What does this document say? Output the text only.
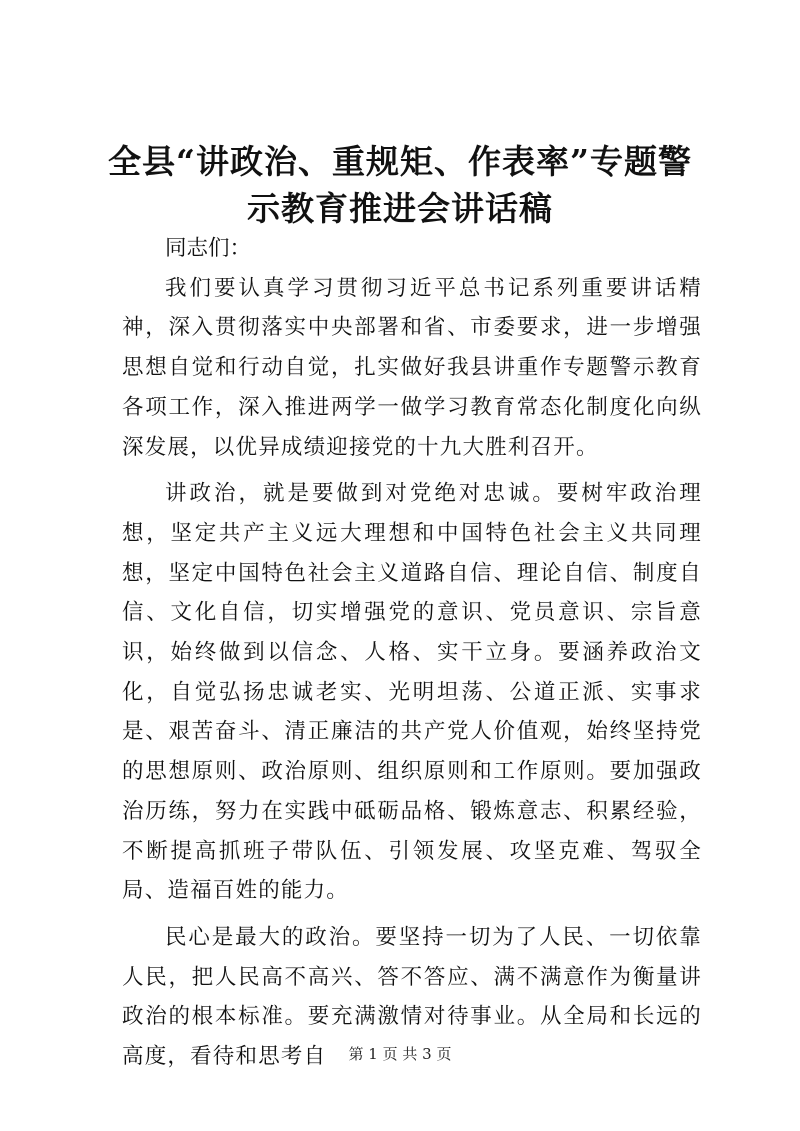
全县“讲政治、重规矩、作表率”专题警示教育推进会讲话稿

同志们：

我们要认真学习贯彻习近平总书记系列重要讲话精神，深入贯彻落实中央部署和省、市委要求，进一步增强思想自觉和行动自觉，扎实做好我县讲重作专题警示教育各项工作，深入推进两学一做学习教育常态化制度化向纵深发展，以优异成绩迎接党的十九大胜利召开。

讲政治，就是要做到对党绝对忠诚。要树牢政治理想，坚定共产主义远大理想和中国特色社会主义共同理想，坚定中国特色社会主义道路自信、理论自信、制度自信、文化自信，切实增强党的意识、党员意识、宗旨意识，始终做到以信念、人格、实干立身。要涵养政治文化，自觉弘扬忠诚老实、光明坦荡、公道正派、实事求是、艰苦奋斗、清正廉洁的共产党人价值观，始终坚持党的思想原则、政治原则、组织原则和工作原则。要加强政治历练，努力在实践中砥砺品格、锻炼意志、积累经验，不断提高抓班子带队伍、引领发展、攻坚克难、驾驭全局、造福百姓的能力。

民心是最大的政治。要坚持一切为了人民、一切依靠人民，把人民高不高兴、答不答应、满不满意作为衡量讲政治的根本标准。要充满激情对待事业。从全局和长远的高度，看待和思考自	第 1 页 共 3 页
